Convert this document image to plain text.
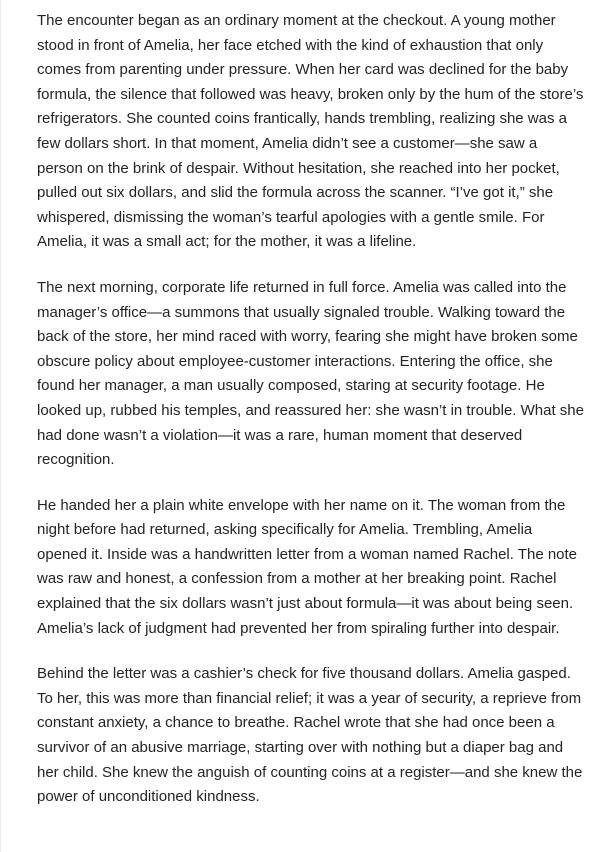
The encounter began as an ordinary moment at the checkout. A young mother stood in front of Amelia, her face etched with the kind of exhaustion that only comes from parenting under pressure. When her card was declined for the baby formula, the silence that followed was heavy, broken only by the hum of the store’s refrigerators. She counted coins frantically, hands trembling, realizing she was a few dollars short. In that moment, Amelia didn’t see a customer—she saw a person on the brink of despair. Without hesitation, she reached into her pocket, pulled out six dollars, and slid the formula across the scanner. “I’ve got it,” she whispered, dismissing the woman’s tearful apologies with a gentle smile. For Amelia, it was a small act; for the mother, it was a lifeline.

The next morning, corporate life returned in full force. Amelia was called into the manager’s office—a summons that usually signaled trouble. Walking toward the back of the store, her mind raced with worry, fearing she might have broken some obscure policy about employee-customer interactions. Entering the office, she found her manager, a man usually composed, staring at security footage. He looked up, rubbed his temples, and reassured her: she wasn’t in trouble. What she had done wasn’t a violation—it was a rare, human moment that deserved recognition.

He handed her a plain white envelope with her name on it. The woman from the night before had returned, asking specifically for Amelia. Trembling, Amelia opened it. Inside was a handwritten letter from a woman named Rachel. The note was raw and honest, a confession from a mother at her breaking point. Rachel explained that the six dollars wasn’t just about formula—it was about being seen. Amelia’s lack of judgment had prevented her from spiraling further into despair.

Behind the letter was a cashier’s check for five thousand dollars. Amelia gasped. To her, this was more than financial relief; it was a year of security, a reprieve from constant anxiety, a chance to breathe. Rachel wrote that she had once been a survivor of an abusive marriage, starting over with nothing but a diaper bag and her child. She knew the anguish of counting coins at a register—and she knew the power of unconditioned kindness.
